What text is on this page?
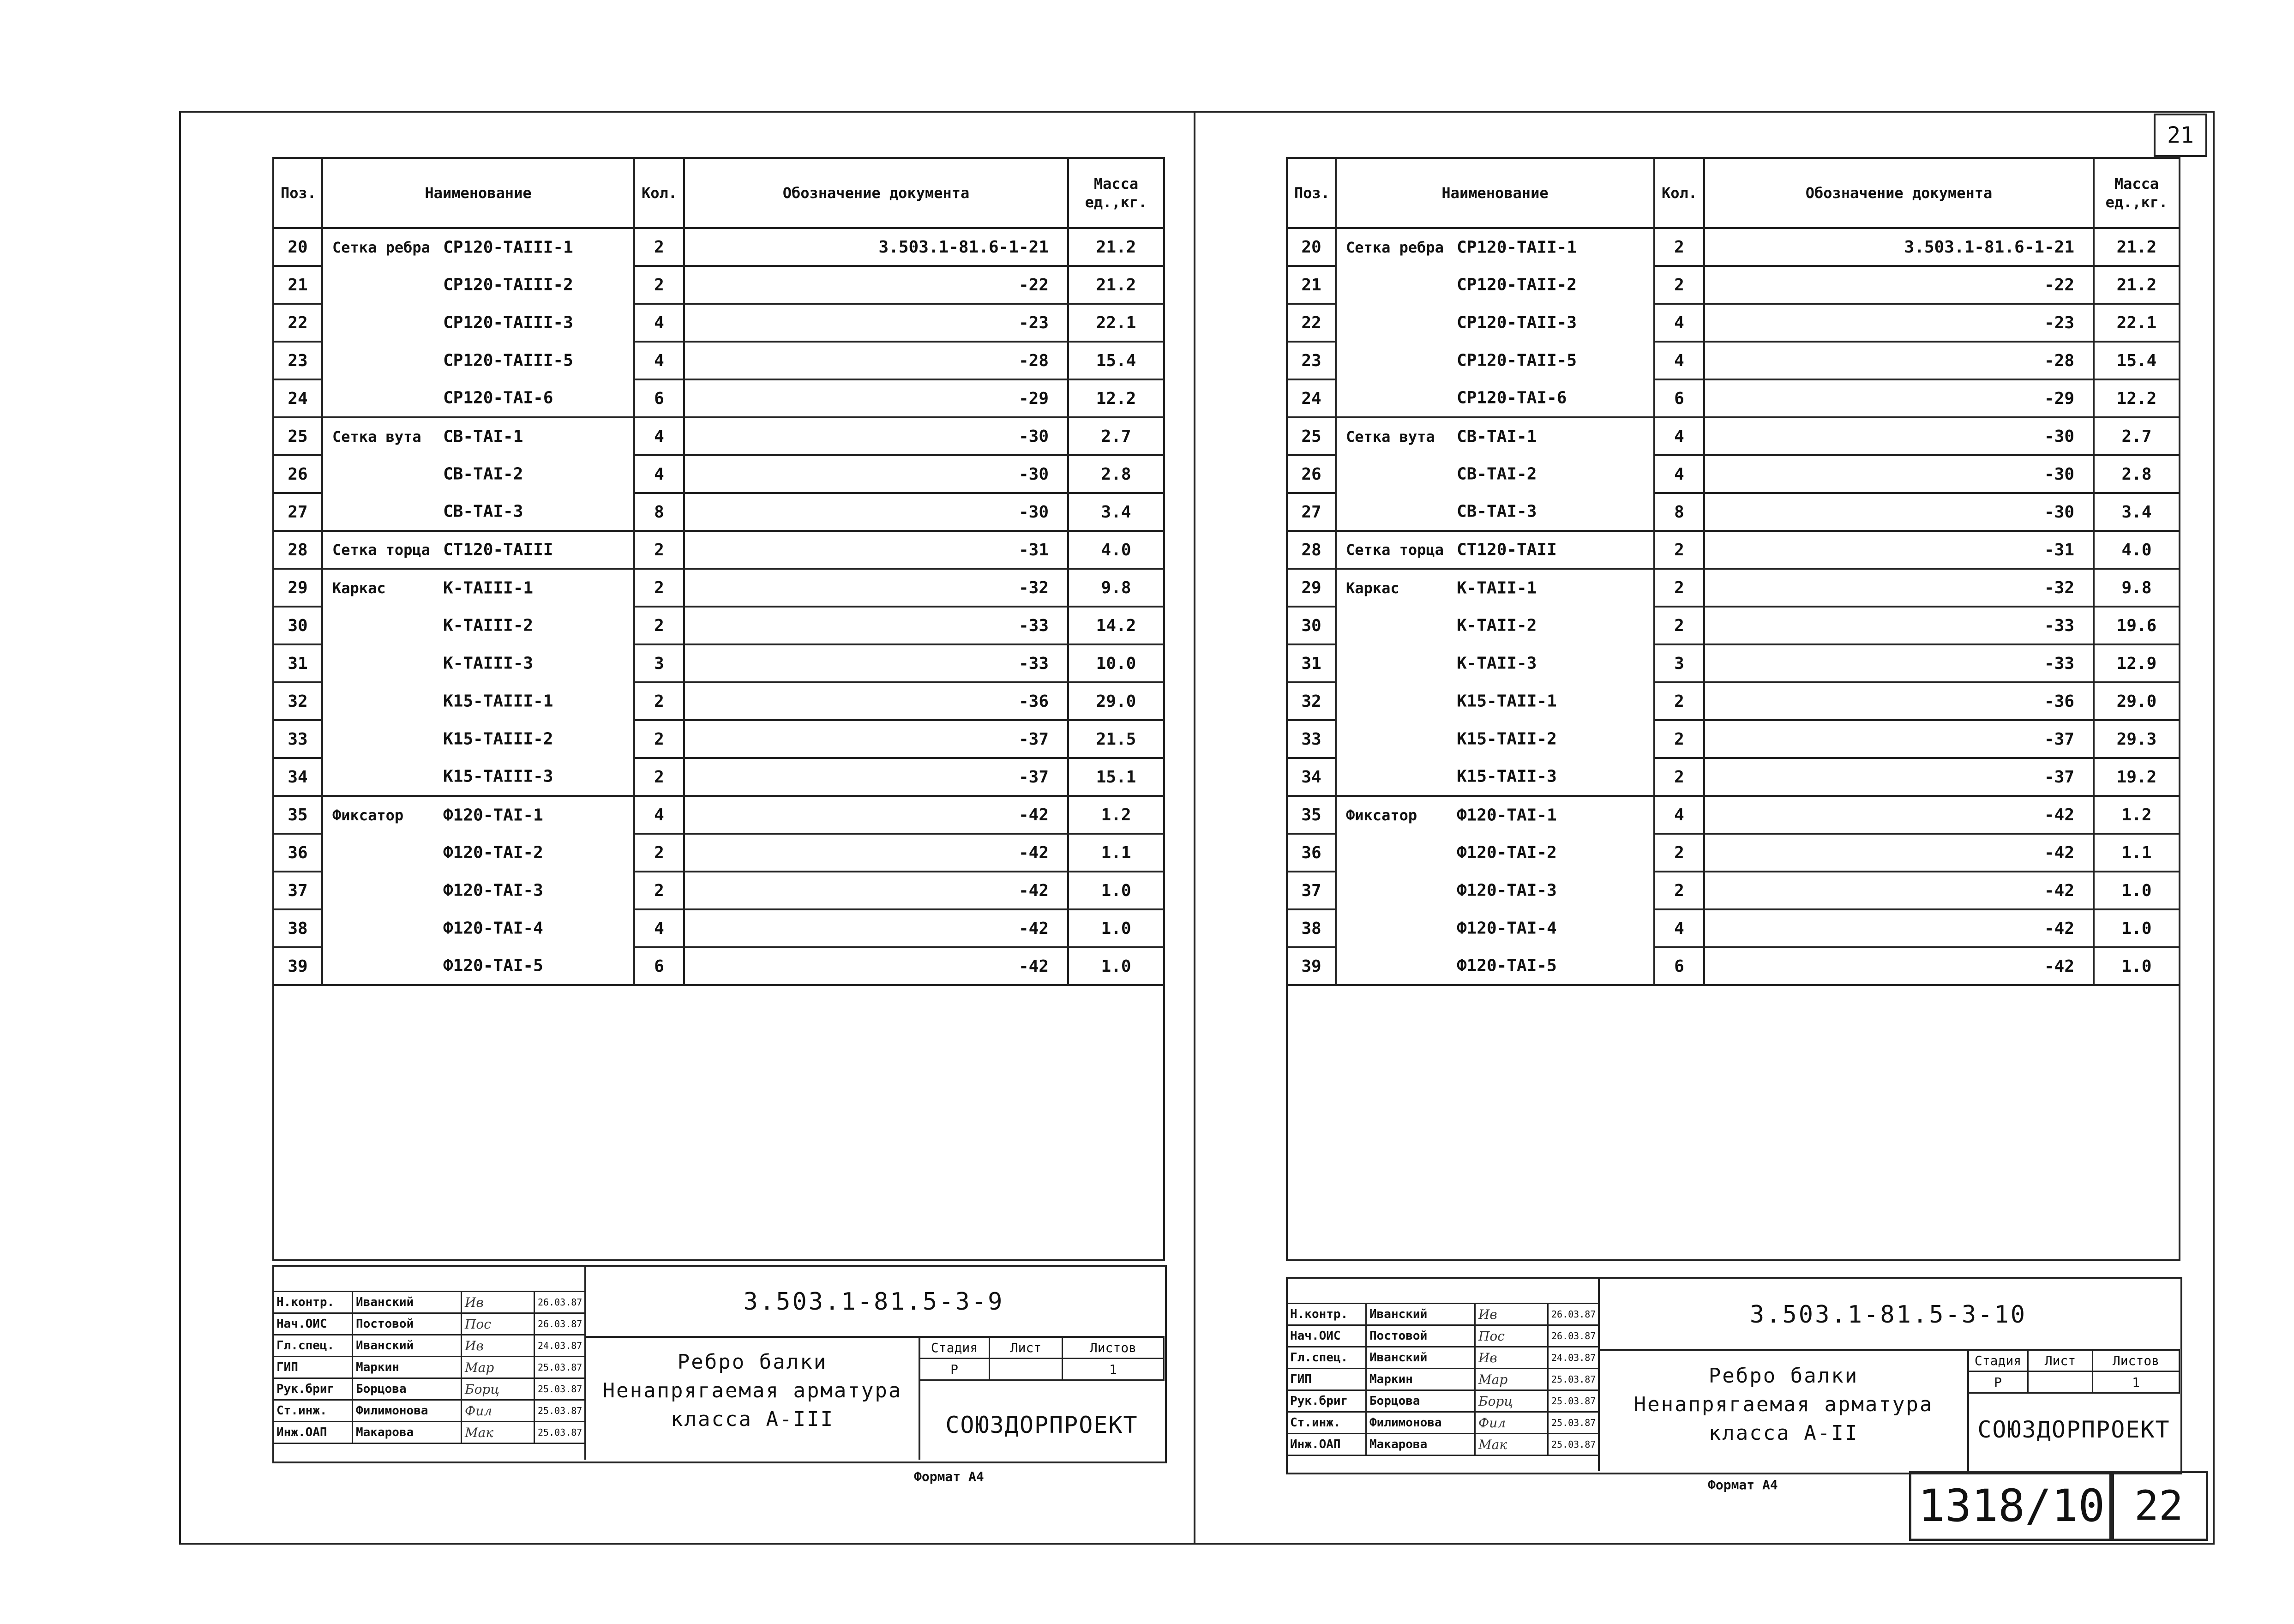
Поз.	Наименование	Кол.	Обозначение документа	Масса ед.,кг.
20	Сетка ребра СР120-ТАIII-1	2	3.503.1-81.6-1-21	21.2
21	СР120-ТАIII-2	2	-22	21.2
22	СР120-ТАIII-3	4	-23	22.1
23	СР120-ТАIII-5	4	-28	15.4
24	СР120-ТАI-6	6	-29	12.2
25	Сетка вута СВ-ТАI-1	4	-30	2.7
26	СВ-ТАI-2	4	-30	2.8
27	СВ-ТАI-3	8	-30	3.4
28	Сетка торца СТ120-ТАIII	2	-31	4.0
29	Каркас К-ТАIII-1	2	-32	9.8
30	К-ТАIII-2	2	-33	14.2
31	К-ТАIII-3	3	-33	10.0
32	К15-ТАIII-1	2	-36	29.0
33	К15-ТАIII-2	2	-37	21.5
34	К15-ТАIII-3	2	-37	15.1
35	Фиксатор Ф120-ТАI-1	4	-42	1.2
36	Ф120-ТАI-2	2	-42	1.1
37	Ф120-ТАI-3	2	-42	1.0
38	Ф120-ТАI-4	4	-42	1.0
39	Ф120-ТАI-5	6	-42	1.0

Н.контр.	Иванский	Ив	26.03.87
Нач.ОИС	Постовой	Пос	26.03.87
Гл.спец.	Иванский	Ив	24.03.87
ГИП	Маркин	Мар	25.03.87
Рук.бриг	Борцова	Борц	25.03.87
Ст.инж.	Филимонова	Фил	25.03.87
Инж.ОАП	Макарова	Мак	25.03.87
3.503.1-81.5-3-9
Ребро балки
Ненапрягаемая арматура
класса А-III
Стадия	Лист	Листов
Р		1
СОЮЗДОРПРОЕКТ
Формат А4
21
Поз.	Наименование	Кол.	Обозначение документа	Масса ед.,кг.
20	Сетка ребра СР120-ТАII-1	2	3.503.1-81.6-1-21	21.2
21	СР120-ТАII-2	2	-22	21.2
22	СР120-ТАII-3	4	-23	22.1
23	СР120-ТАII-5	4	-28	15.4
24	СР120-ТАI-6	6	-29	12.2
25	Сетка вута СВ-ТАI-1	4	-30	2.7
26	СВ-ТАI-2	4	-30	2.8
27	СВ-ТАI-3	8	-30	3.4
28	Сетка торца СТ120-ТАII	2	-31	4.0
29	Каркас К-ТАII-1	2	-32	9.8
30	К-ТАII-2	2	-33	19.6
31	К-ТАII-3	3	-33	12.9
32	К15-ТАII-1	2	-36	29.0
33	К15-ТАII-2	2	-37	29.3
34	К15-ТАII-3	2	-37	19.2
35	Фиксатор Ф120-ТАI-1	4	-42	1.2
36	Ф120-ТАI-2	2	-42	1.1
37	Ф120-ТАI-3	2	-42	1.0
38	Ф120-ТАI-4	4	-42	1.0
39	Ф120-ТАI-5	6	-42	1.0

Н.контр.	Иванский	Ив	26.03.87
Нач.ОИС	Постовой	Пос	26.03.87
Гл.спец.	Иванский	Ив	24.03.87
ГИП	Маркин	Мар	25.03.87
Рук.бриг	Борцова	Борц	25.03.87
Ст.инж.	Филимонова	Фил	25.03.87
Инж.ОАП	Макарова	Мак	25.03.87
3.503.1-81.5-3-10
Ребро балки
Ненапрягаемая арматура
класса А-II
Стадия	Лист	Листов
Р		1
СОЮЗДОРПРОЕКТ
Формат А4	1318/10 22
